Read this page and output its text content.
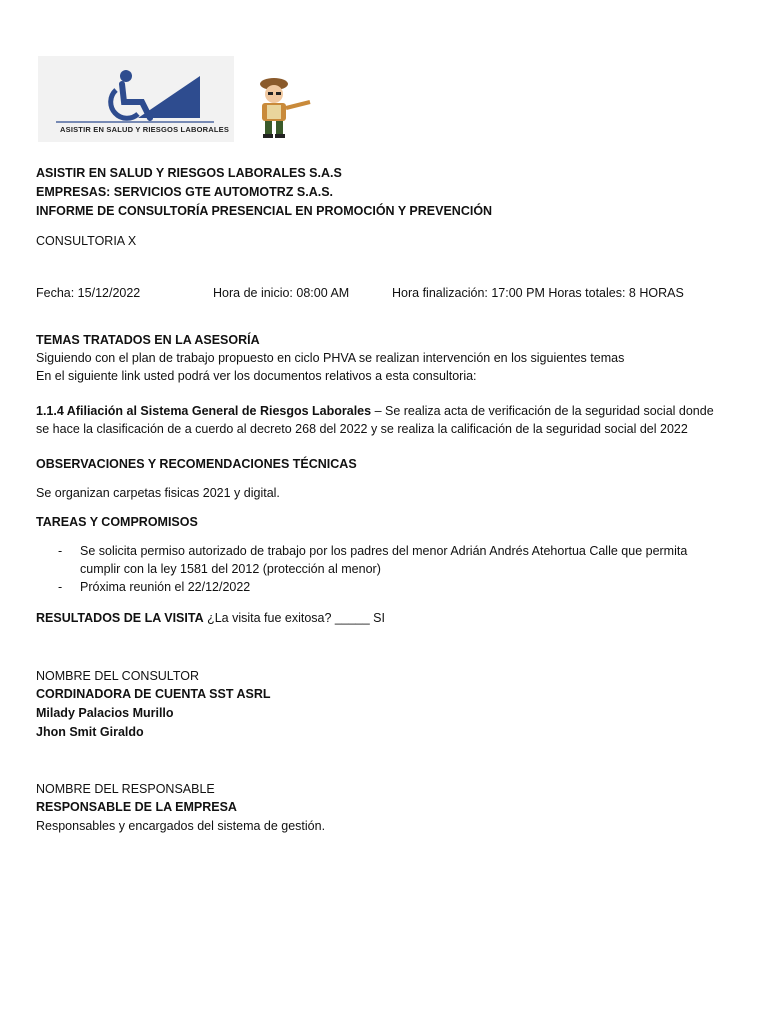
ASISTIR EN SALUD Y RIESGOS LABORALES
ASISTIR EN SALUD Y RIESGOS LABORALES S.A.S
EMPRESAS: SERVICIOS GTE AUTOMOTRZ S.A.S.
INFORME DE CONSULTORÍA PRESENCIAL EN PROMOCIÓN Y PREVENCIÓN
CONSULTORIA X
Fecha: 15/12/2022	Hora de inicio: 08:00 AM	Hora finalización: 17:00 PM Horas totales: 8 HORAS
TEMAS TRATADOS EN LA ASESORÍA
Siguiendo con el plan de trabajo propuesto en ciclo PHVA se realizan intervención en los siguientes temas
En el siguiente link usted podrá ver los documentos relativos a esta consultoria:
1.1.4 Afiliación al Sistema General de Riesgos Laborales – Se realiza acta de verificación de la seguridad social donde se hace la clasificación de a cuerdo al decreto 268 del 2022 y se realiza la calificación de la seguridad social del 2022
OBSERVACIONES Y RECOMENDACIONES TÉCNICAS
Se organizan carpetas fisicas 2021 y digital.
TAREAS Y COMPROMISOS
- Se solicita permiso autorizado de trabajo por los padres del menor Adrián Andrés Atehortua Calle que permita cumplir con la ley 1581 del 2012 (protección al menor)
- Próxima reunión el 22/12/2022
RESULTADOS DE LA VISITA ¿La visita fue exitosa? _____ SI
NOMBRE DEL CONSULTOR
CORDINADORA DE CUENTA SST ASRL
Milady Palacios Murillo
Jhon Smit Giraldo
NOMBRE DEL RESPONSABLE
RESPONSABLE DE LA EMPRESA
Responsables y encargados del sistema de gestión.
